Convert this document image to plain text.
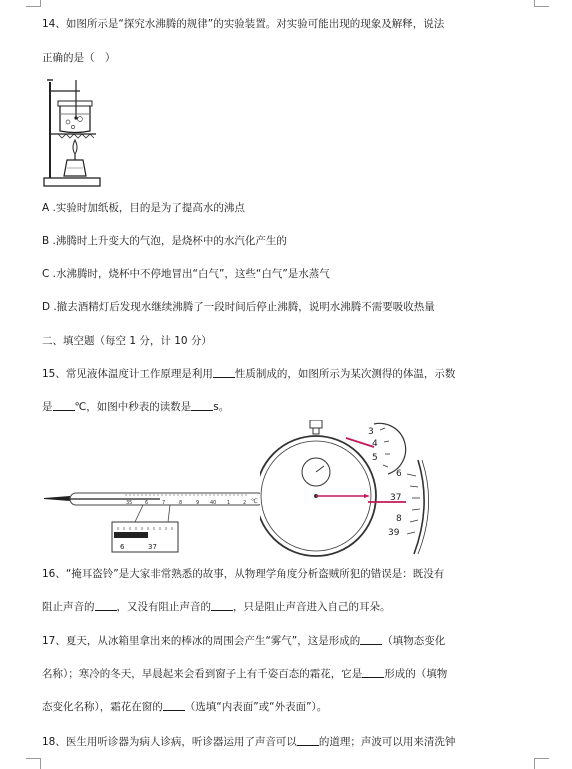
14、如图所示是“探究水沸腾的规律”的实验装置。对实验可能出现的现象及解释，说法
正确的是（　）
A .实验时加纸板，目的是为了提高水的沸点
B .沸腾时上升变大的气泡，是烧杯中的水汽化产生的
C .水沸腾时，烧杯中不停地冒出“白气”，这些“白气”是水蒸气
D .撤去酒精灯后发现水继续沸腾了一段时间后停止沸腾，说明水沸腾不需要吸收热量
二、填空题（每空 1 分，计 10 分）
15、常见液体温度计工作原理是利用 性质制成的，如图所示为某次测得的体温，示数
是 ℃，如图中秒表的读数是 s。
35	6	7	8	9 40 1	2 ℃
6	37
3
4
5
6
37
8
39
16、“掩耳盗铃”是大家非常熟悉的故事，从物理学角度分析盗贼所犯的错误是：既没有
阻止声音的 ，又没有阻止声音的 ，只是阻止声音进入自己的耳朵。
17、夏天，从冰箱里拿出来的棒冰的周围会产生“雾气”，这是形成的 （填物态变化
名称）；寒冷的冬天，早晨起来会看到窗子上有千姿百态的霜花，它是 形成的（填物
态变化名称），霜花在窗的 （选填“内表面”或“外表面”）。
18、医生用听诊器为病人诊病，听诊器运用了声音可以 的道理；声波可以用来清洗钟
